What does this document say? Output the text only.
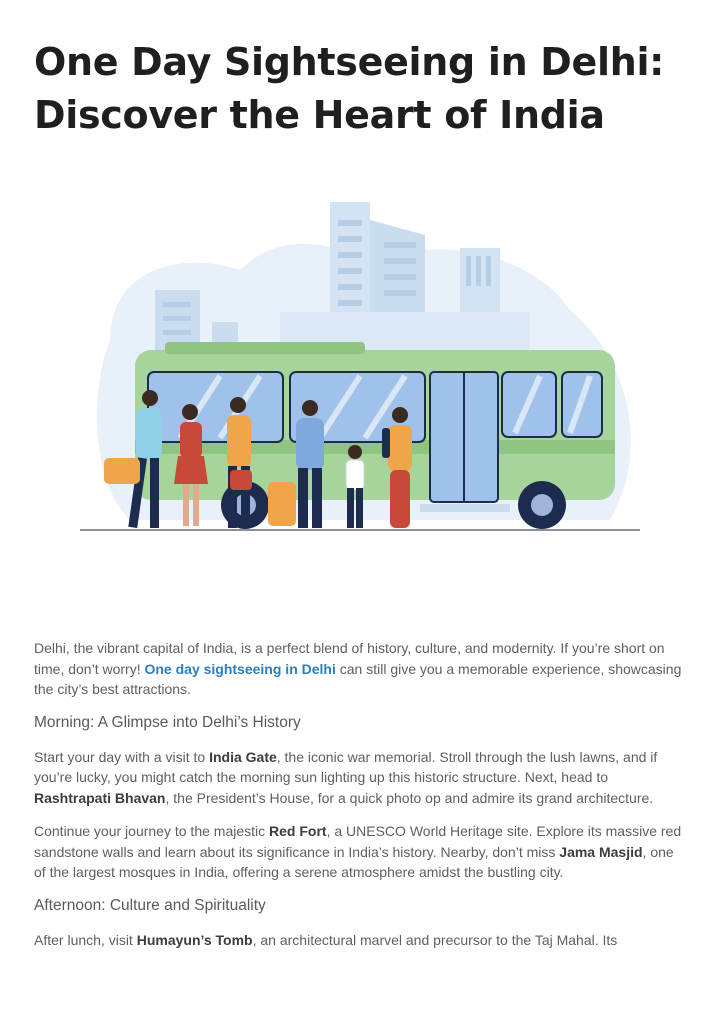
One Day Sightseeing in Delhi:
Discover the Heart of India

Delhi, the vibrant capital of India, is a perfect blend of history, culture, and modernity. If you’re short on time, don’t worry! One day sightseeing in Delhi can still give you a memorable experience, showcasing the city’s best attractions.

Morning: A Glimpse into Delhi’s History

Start your day with a visit to India Gate, the iconic war memorial. Stroll through the lush lawns, and if you’re lucky, you might catch the morning sun lighting up this historic structure. Next, head to Rashtrapati Bhavan, the President’s House, for a quick photo op and admire its grand architecture.

Continue your journey to the majestic Red Fort, a UNESCO World Heritage site. Explore its massive red sandstone walls and learn about its significance in India’s history. Nearby, don’t miss Jama Masjid, one of the largest mosques in India, offering a serene atmosphere amidst the bustling city.

Afternoon: Culture and Spirituality

After lunch, visit Humayun’s Tomb, an architectural marvel and precursor to the Taj Mahal. Its
